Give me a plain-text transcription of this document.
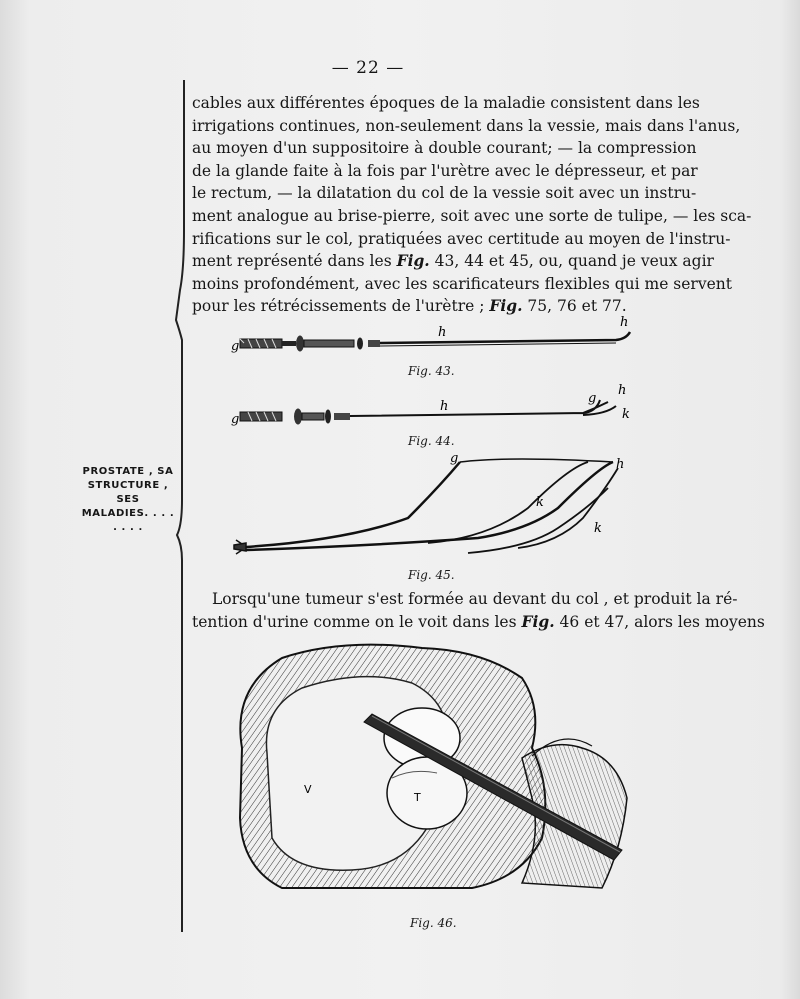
— 22 —
cables aux différentes époques de la maladie consistent dans les
irrigations continues, non-seulement dans la vessie, mais dans l'anus,
au moyen d'un suppositoire à double courant; — la compression
de la glande faite à la fois par l'urètre avec le dépresseur, et par
le rectum, — la dilatation du col de la vessie soit avec un instru-
ment analogue au brise-pierre, soit avec une sorte de tulipe, — les sca-
rifications sur le col, pratiquées avec certitude au moyen de l'instru-
ment représenté dans les Fig. 43, 44 et 45, ou, quand je veux agir
moins profondément, avec les scarificateurs flexibles qui me servent
pour les rétrécissements de l'urètre ; Fig. 75, 76 et 77.
g
h
h
Fig. 43.
g
h
g
h
k
Fig. 44.
g	h
k
k
Fig. 45.
Lorsqu'une tumeur s'est formée au devant du col , et produit la ré-
tention d'urine comme on le voit dans les Fig. 46 et 47, alors les moyens
PROSTATE , SA
STRUCTURE , SES
MALADIES. . . . . . . .
V
T
Fig. 46.
